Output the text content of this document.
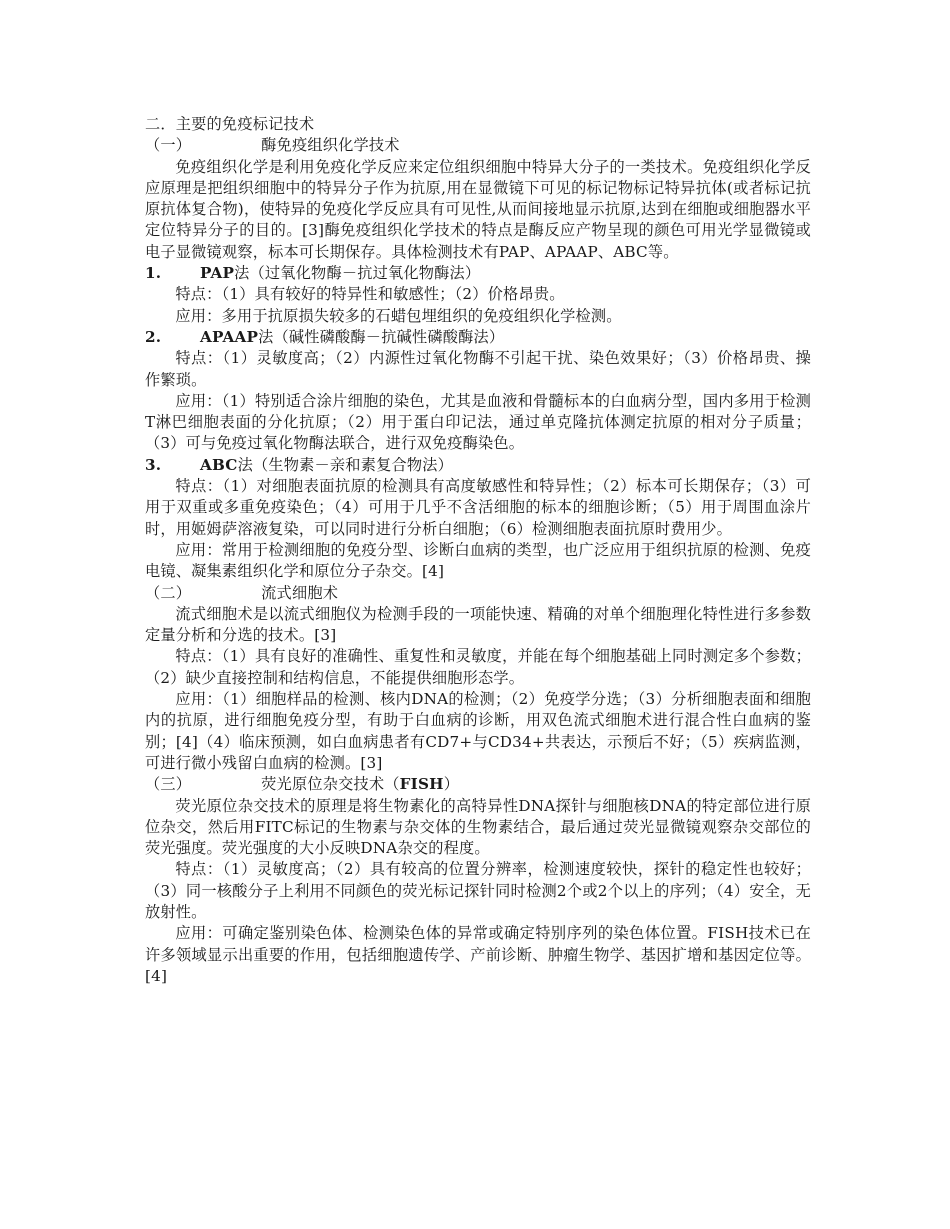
二．主要的免疫标记技术
（一）	酶免疫组织化学技术

免疫组织化学是利用免疫化学反应来定位组织细胞中特异大分子的一类技术。免疫组织化学反应原理是把组织细胞中的特异分子作为抗原,用在显微镜下可见的标记物标记特异抗体(或者标记抗原抗体复合物)，使特异的免疫化学反应具有可见性,从而间接地显示抗原,达到在细胞或细胞器水平定位特异分子的目的。[3]酶免疫组织化学技术的特点是酶反应产物呈现的颜色可用光学显微镜或电子显微镜观察，标本可长期保存。具体检测技术有PAP、APAAP、ABC等。

1.	PAP法（过氧化物酶－抗过氧化物酶法）

特点：（1）具有较好的特异性和敏感性；（2）价格昂贵。

应用：多用于抗原损失较多的石蜡包埋组织的免疫组织化学检测。

2.	APAAP法（碱性磷酸酶－抗碱性磷酸酶法）

特点：（1）灵敏度高；（2）内源性过氧化物酶不引起干扰、染色效果好；（3）价格昂贵、操作繁琐。

应用：（1）特别适合涂片细胞的染色，尤其是血液和骨髓标本的白血病分型，国内多用于检测T淋巴细胞表面的分化抗原；（2）用于蛋白印记法，通过单克隆抗体测定抗原的相对分子质量；（3）可与免疫过氧化物酶法联合，进行双免疫酶染色。

3.	ABC法（生物素－亲和素复合物法）

特点：（1）对细胞表面抗原的检测具有高度敏感性和特异性；（2）标本可长期保存；（3）可用于双重或多重免疫染色；（4）可用于几乎不含活细胞的标本的细胞诊断；（5）用于周围血涂片时，用姬姆萨溶液复染，可以同时进行分析白细胞；（6）检测细胞表面抗原时费用少。

应用：常用于检测细胞的免疫分型、诊断白血病的类型，也广泛应用于组织抗原的检测、免疫电镜、凝集素组织化学和原位分子杂交。[4]

（二）	流式细胞术

流式细胞术是以流式细胞仪为检测手段的一项能快速、精确的对单个细胞理化特性进行多参数定量分析和分选的技术。[3]

特点：（1）具有良好的准确性、重复性和灵敏度，并能在每个细胞基础上同时测定多个参数；（2）缺少直接控制和结构信息，不能提供细胞形态学。

应用：（1）细胞样品的检测、核内DNA的检测；（2）免疫学分选；（3）分析细胞表面和细胞内的抗原，进行细胞免疫分型，有助于白血病的诊断，用双色流式细胞术进行混合性白血病的鉴别；[4]（4）临床预测，如白血病患者有CD7+与CD34+共表达，示预后不好；（5）疾病监测，可进行微小残留白血病的检测。[3]

（三）	荧光原位杂交技术（FISH）

荧光原位杂交技术的原理是将生物素化的高特异性DNA探针与细胞核DNA的特定部位进行原位杂交，然后用FITC标记的生物素与杂交体的生物素结合，最后通过荧光显微镜观察杂交部位的荧光强度。荧光强度的大小反映DNA杂交的程度。

特点：（1）灵敏度高；（2）具有较高的位置分辨率，检测速度较快，探针的稳定性也较好；（3）同一核酸分子上利用不同颜色的荧光标记探针同时检测2个或2个以上的序列；（4）安全，无放射性。

应用：可确定鉴别染色体、检测染色体的异常或确定特别序列的染色体位置。FISH技术已在许多领域显示出重要的作用，包括细胞遗传学、产前诊断、肿瘤生物学、基因扩增和基因定位等。[4]
